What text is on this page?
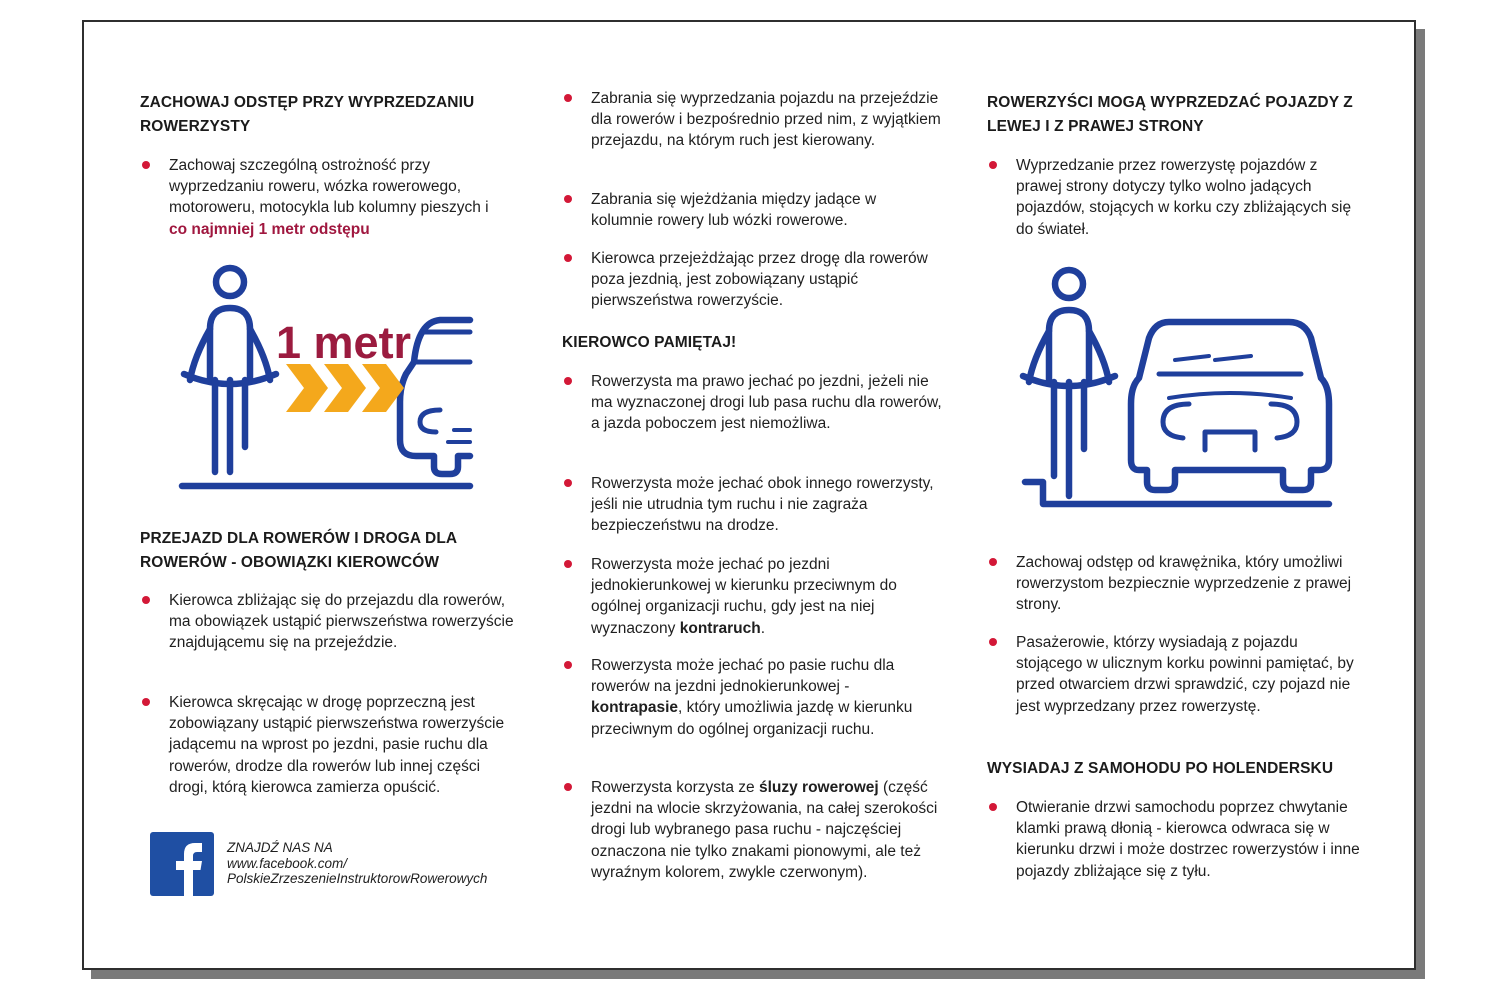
ZACHOWAJ ODSTĘP PRZY WYPRZEDZANIU ROWERZYSTY
Zachowaj szczególną ostrożność przy wyprzedzaniu roweru, wózka rowerowego, motoroweru, motocykla lub kolumny pieszych i co najmniej 1 metr odstępu
1 metr
PRZEJAZD DLA ROWERÓW I DROGA DLA ROWERÓW - OBOWIĄZKI KIEROWCÓW
Kierowca zbliżając się do przejazdu dla rowerów, ma obowiązek ustąpić pierwszeństwa rowerzyście znajdującemu się na przejeździe.
Kierowca skręcając w drogę poprzeczną jest zobowiązany ustąpić pierwszeństwa rowerzyście jadącemu na wprost po jezdni, pasie ruchu dla rowerów, drodze dla rowerów lub innej części drogi, którą kierowca zamierza opuścić.
ZNAJDŹ NAS NA
www.facebook.com/
PolskieZrzeszenieInstruktorowRowerowych
Zabrania się wyprzedzania pojazdu na przejeździe dla rowerów i bezpośrednio przed nim, z wyjątkiem przejazdu, na którym ruch jest kierowany.
Zabrania się wjeżdżania między jadące w kolumnie rowery lub wózki rowerowe.
Kierowca przejeżdżając przez drogę dla rowerów poza jezdnią, jest zobowiązany ustąpić pierwszeństwa rowerzyście.
KIEROWCO PAMIĘTAJ!
Rowerzysta ma prawo jechać po jezdni, jeżeli nie ma wyznaczonej drogi lub pasa ruchu dla rowerów, a jazda poboczem jest niemożliwa.
Rowerzysta może jechać obok innego rowerzysty, jeśli nie utrudnia tym ruchu i nie zagraża bezpieczeństwu na drodze.
Rowerzysta może jechać po jezdni jednokierunkowej w kierunku przeciwnym do ogólnej organizacji ruchu, gdy jest na niej wyznaczony kontraruch.
Rowerzysta może jechać po pasie ruchu dla rowerów na jezdni jednokierunkowej - kontrapasie, który umożliwia jazdę w kierunku przeciwnym do ogólnej organizacji ruchu.
Rowerzysta korzysta ze śluzy rowerowej (część jezdni na wlocie skrzyżowania, na całej szerokości drogi lub wybranego pasa ruchu - najczęściej oznaczona nie tylko znakami pionowymi, ale też wyraźnym kolorem, zwykle czerwonym).
ROWERZYŚCI MOGĄ WYPRZEDZAĆ POJAZDY Z LEWEJ I Z PRAWEJ STRONY
Wyprzedzanie przez rowerzystę pojazdów z prawej strony dotyczy tylko wolno jadących pojazdów, stojących w korku czy zbliżających się do świateł.
Zachowaj odstęp od krawężnika, który umożliwi rowerzystom bezpiecznie wyprzedzenie z prawej strony.
Pasażerowie, którzy wysiadają z pojazdu stojącego w ulicznym korku powinni pamiętać, by przed otwarciem drzwi sprawdzić, czy pojazd nie jest wyprzedzany przez rowerzystę.
WYSIADAJ Z SAMOHODU PO HOLENDERSKU
Otwieranie drzwi samochodu poprzez chwytanie klamki prawą dłonią - kierowca odwraca się w kierunku drzwi i może dostrzec rowerzystów i inne pojazdy zbliżające się z tyłu.
